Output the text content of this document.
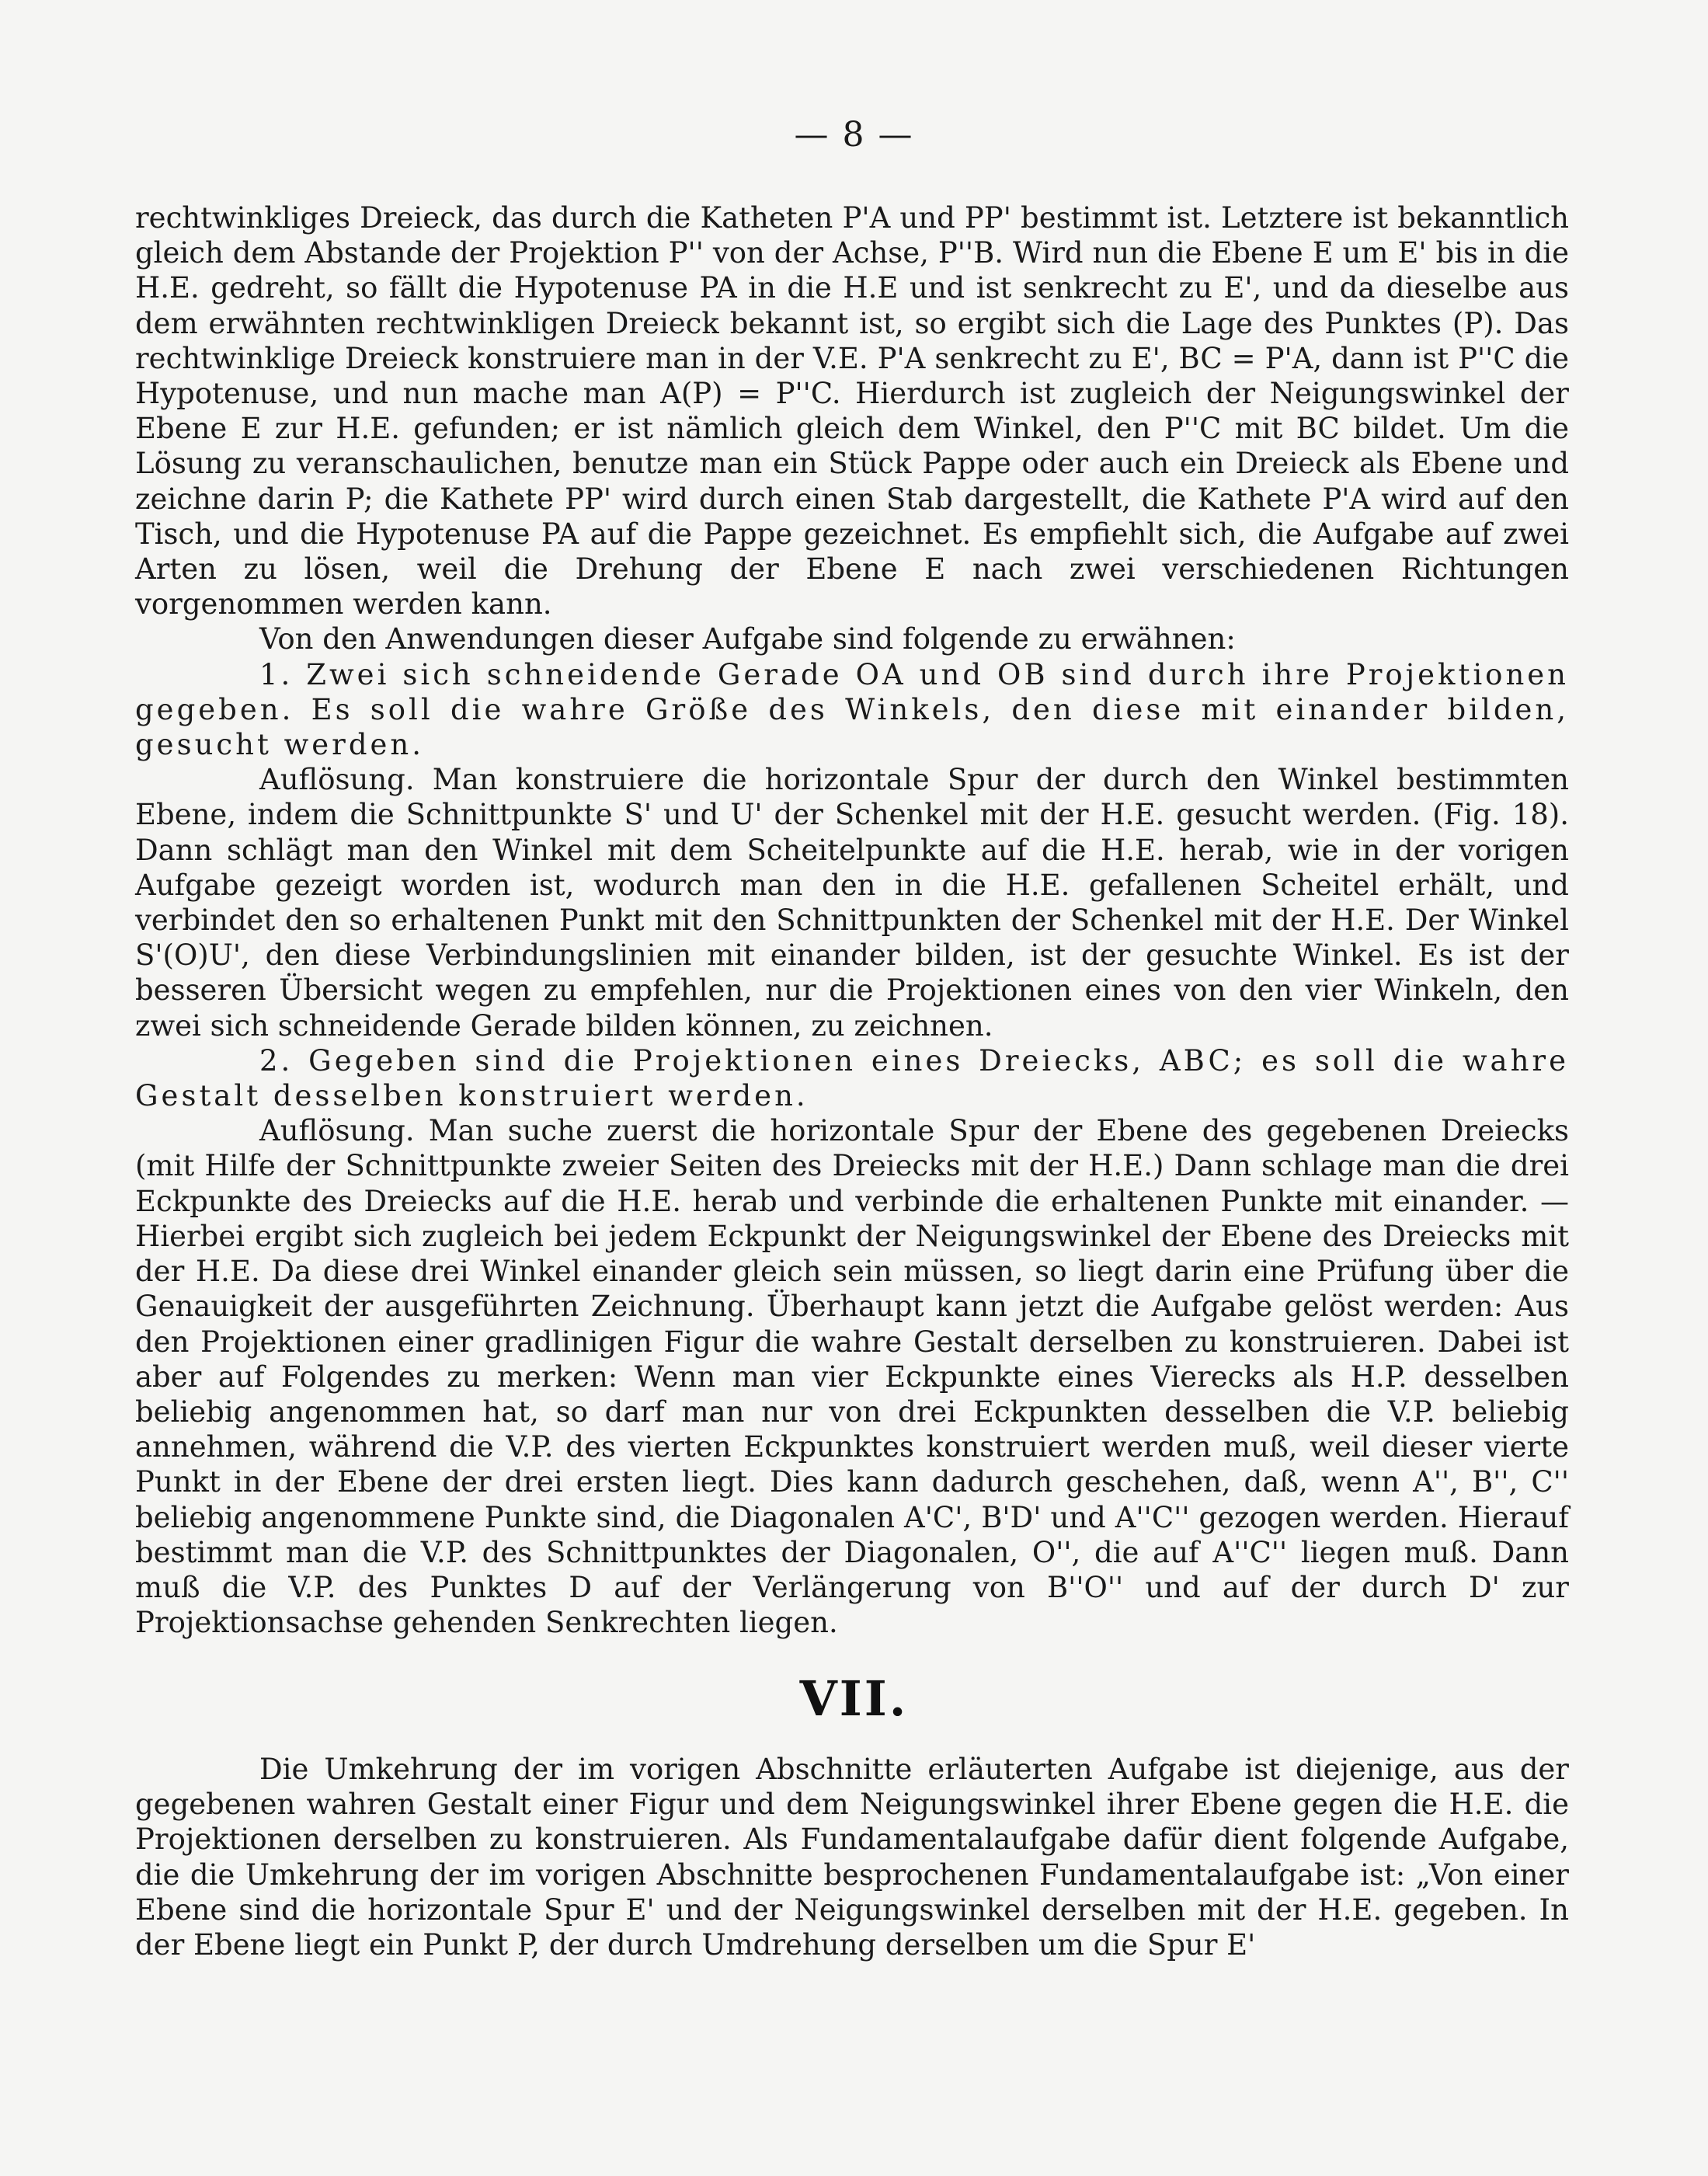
— 8 —

rechtwinkliges Dreieck, das durch die Katheten P'A und PP' bestimmt ist. Letztere ist bekanntlich gleich dem Abstande der Projektion P'' von der Achse, P''B. Wird nun die Ebene E um E' bis in die H.E. gedreht, so fällt die Hypotenuse PA in die H.E und ist senkrecht zu E', und da dieselbe aus dem erwähnten rechtwinkligen Dreieck bekannt ist, so ergibt sich die Lage des Punktes (P). Das rechtwinklige Dreieck konstruiere man in der V.E. P'A senkrecht zu E', BC = P'A, dann ist P''C die Hypotenuse, und nun mache man A(P) = P''C. Hierdurch ist zugleich der Neigungswinkel der Ebene E zur H.E. gefunden; er ist nämlich gleich dem Winkel, den P''C mit BC bildet. Um die Lösung zu veranschaulichen, benutze man ein Stück Pappe oder auch ein Dreieck als Ebene und zeichne darin P; die Kathete PP' wird durch einen Stab dargestellt, die Kathete P'A wird auf den Tisch, und die Hypotenuse PA auf die Pappe gezeichnet. Es empfiehlt sich, die Aufgabe auf zwei Arten zu lösen, weil die Drehung der Ebene E nach zwei verschiedenen Richtungen vorgenommen werden kann.

Von den Anwendungen dieser Aufgabe sind folgende zu erwähnen:

1. Zwei sich schneidende Gerade OA und OB sind durch ihre Projektionen gegeben. Es soll die wahre Größe des Winkels, den diese mit einander bilden, gesucht werden.

Auflösung. Man konstruiere die horizontale Spur der durch den Winkel bestimmten Ebene, indem die Schnittpunkte S' und U' der Schenkel mit der H.E. gesucht werden. (Fig. 18). Dann schlägt man den Winkel mit dem Scheitelpunkte auf die H.E. herab, wie in der vorigen Aufgabe gezeigt worden ist, wodurch man den in die H.E. gefallenen Scheitel erhält, und verbindet den so erhaltenen Punkt mit den Schnittpunkten der Schenkel mit der H.E. Der Winkel S'(O)U', den diese Verbindungslinien mit einander bilden, ist der gesuchte Winkel. Es ist der besseren Übersicht wegen zu empfehlen, nur die Projektionen eines von den vier Winkeln, den zwei sich schneidende Gerade bilden können, zu zeichnen.

2. Gegeben sind die Projektionen eines Dreiecks, ABC; es soll die wahre Gestalt desselben konstruiert werden.

Auflösung. Man suche zuerst die horizontale Spur der Ebene des gegebenen Dreiecks (mit Hilfe der Schnittpunkte zweier Seiten des Dreiecks mit der H.E.) Dann schlage man die drei Eckpunkte des Dreiecks auf die H.E. herab und verbinde die erhaltenen Punkte mit einander. — Hierbei ergibt sich zugleich bei jedem Eckpunkt der Neigungswinkel der Ebene des Dreiecks mit der H.E. Da diese drei Winkel einander gleich sein müssen, so liegt darin eine Prüfung über die Genauigkeit der ausgeführten Zeichnung. Überhaupt kann jetzt die Aufgabe gelöst werden: Aus den Projektionen einer gradlinigen Figur die wahre Gestalt derselben zu konstruieren. Dabei ist aber auf Folgendes zu merken: Wenn man vier Eckpunkte eines Vierecks als H.P. desselben beliebig angenommen hat, so darf man nur von drei Eckpunkten desselben die V.P. beliebig annehmen, während die V.P. des vierten Eckpunktes konstruiert werden muß, weil dieser vierte Punkt in der Ebene der drei ersten liegt. Dies kann dadurch geschehen, daß, wenn A'', B'', C'' beliebig angenommene Punkte sind, die Diagonalen A'C', B'D' und A''C'' gezogen werden. Hierauf bestimmt man die V.P. des Schnittpunktes der Diagonalen, O'', die auf A''C'' liegen muß. Dann muß die V.P. des Punktes D auf der Verlängerung von B''O'' und auf der durch D' zur Projektionsachse gehenden Senkrechten liegen.

VII.

Die Umkehrung der im vorigen Abschnitte erläuterten Aufgabe ist diejenige, aus der gegebenen wahren Gestalt einer Figur und dem Neigungswinkel ihrer Ebene gegen die H.E. die Projektionen derselben zu konstruieren. Als Fundamentalaufgabe dafür dient folgende Aufgabe, die die Umkehrung der im vorigen Abschnitte besprochenen Fundamentalaufgabe ist: „Von einer Ebene sind die horizontale Spur E' und der Neigungswinkel derselben mit der H.E. gegeben. In der Ebene liegt ein Punkt P, der durch Umdrehung derselben um die Spur E'
